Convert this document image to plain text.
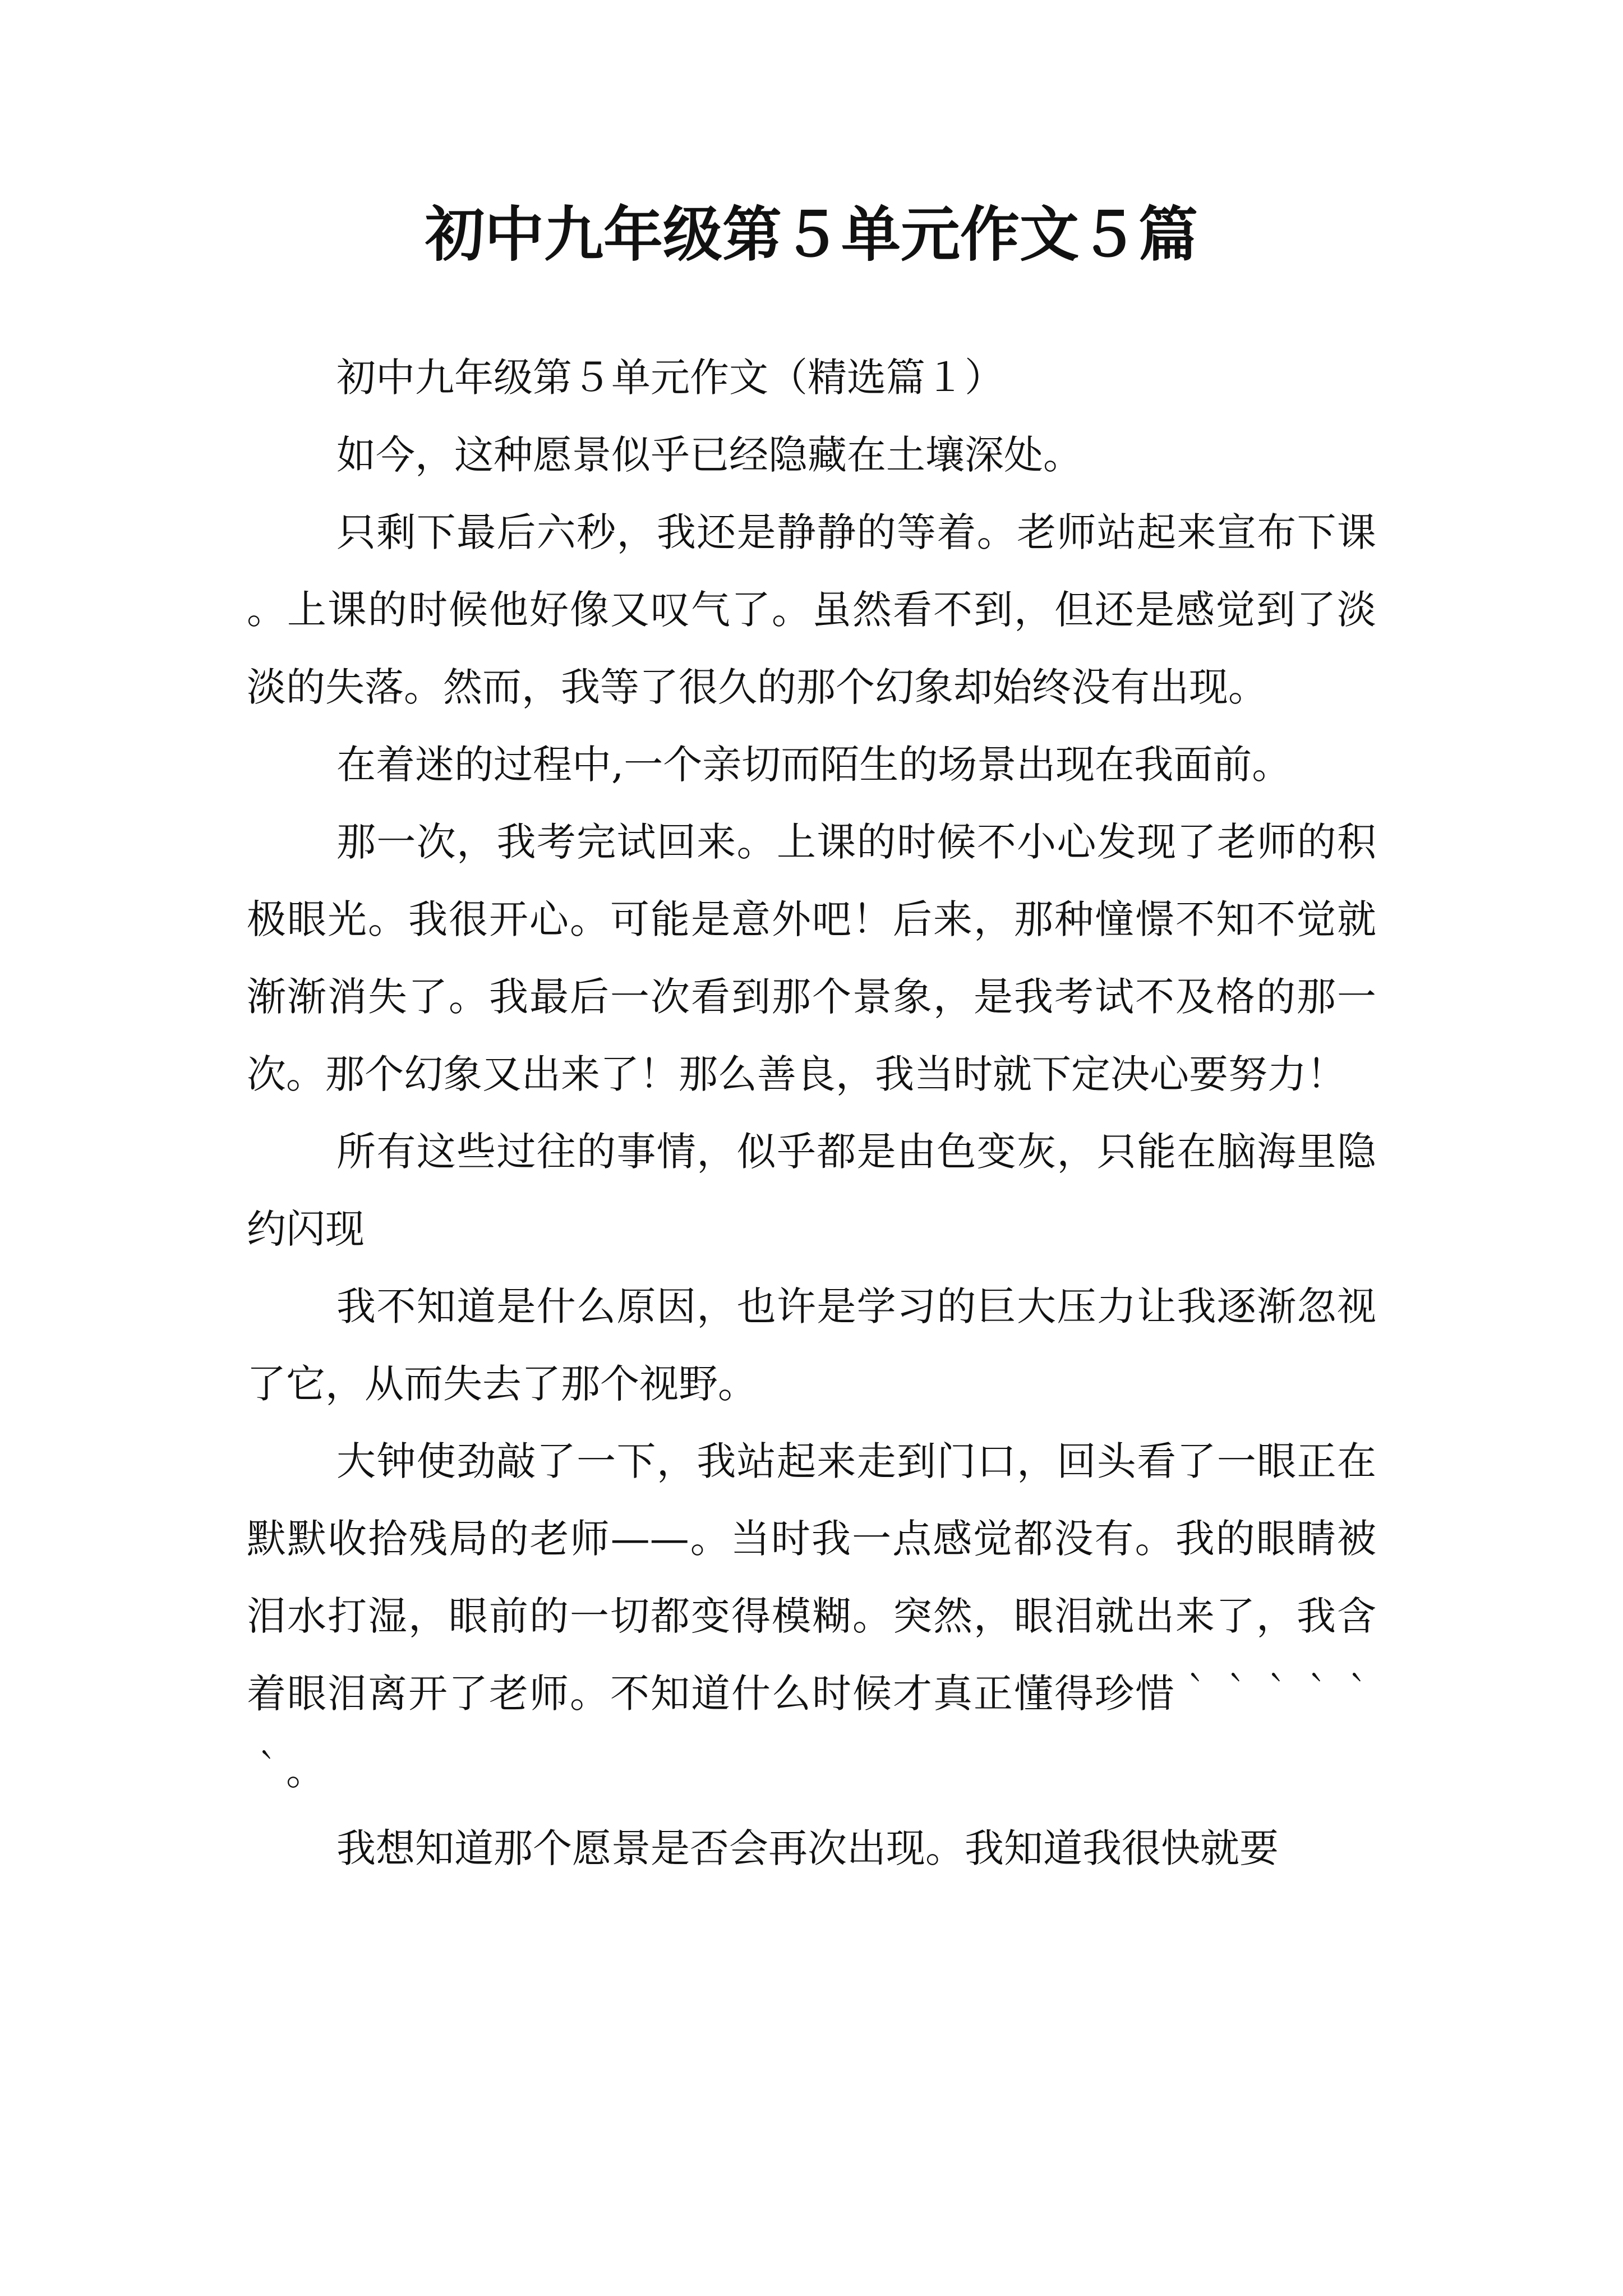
初中九年级第５单元作文５篇

初中九年级第５单元作文（精选篇１）

如今，这种愿景似乎已经隐藏在土壤深处。

只剩下最后六秒，我还是静静的等着。老师站起来宣布下课。上课的时候他好像又叹气了。虽然看不到，但还是感觉到了淡淡的失落。然而，我等了很久的那个幻象却始终没有出现。

在着迷的过程中,一个亲切而陌生的场景出现在我面前。

那一次，我考完试回来。上课的时候不小心发现了老师的积极眼光。我很开心。可能是意外吧！后来，那种憧憬不知不觉就渐渐消失了。我最后一次看到那个景象，是我考试不及格的那一次。那个幻象又出来了！那么善良，我当时就下定决心要努力！

所有这些过往的事情，似乎都是由色变灰，只能在脑海里隐约闪现

我不知道是什么原因，也许是学习的巨大压力让我逐渐忽视了它，从而失去了那个视野。

大钟使劲敲了一下，我站起来走到门口，回头看了一眼正在默默收拾残局的老师——。当时我一点感觉都没有。我的眼睛被泪水打湿，眼前的一切都变得模糊。突然，眼泪就出来了，我含着眼泪离开了老师。不知道什么时候才真正懂得珍惜｀｀｀｀｀｀。

我想知道那个愿景是否会再次出现。我知道我很快就要
